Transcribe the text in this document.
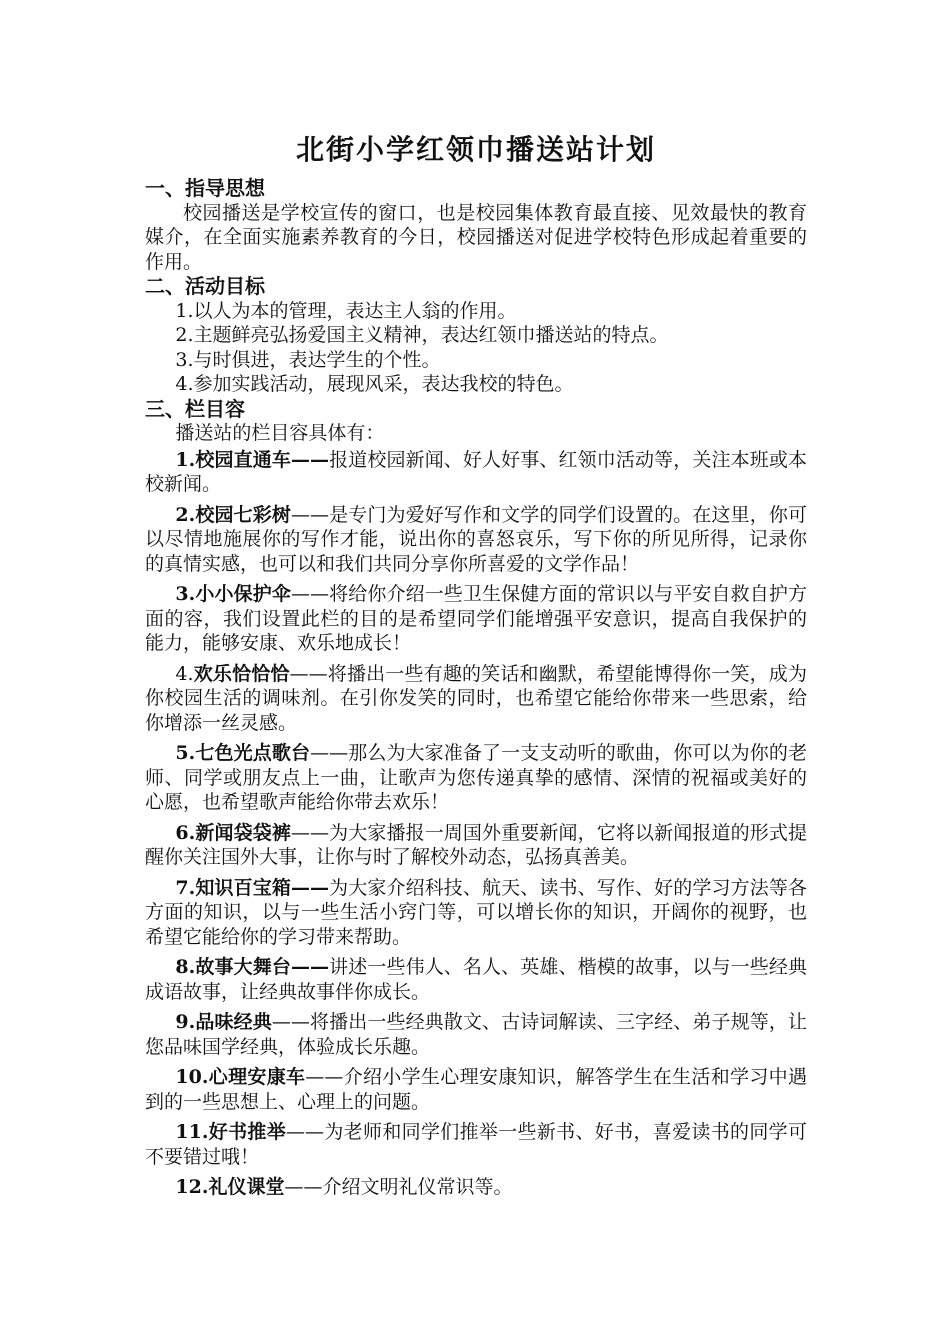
北街小学红领巾播送站计划
一、指导思想

校园播送是学校宣传的窗口，也是校园集体教育最直接、见效最快的教育媒介，在全面实施素养教育的今日，校园播送对促进学校特色形成起着重要的作用。

二、活动目标

1.以人为本的管理，表达主人翁的作用。

2.主题鲜亮弘扬爱国主义精神，表达红领巾播送站的特点。

3.与时俱进，表达学生的个性。

4.参加实践活动，展现风采，表达我校的特色。

三、栏目容

播送站的栏目容具体有：

1.校园直通车——报道校园新闻、好人好事、红领巾活动等，关注本班或本校新闻。

2.校园七彩树——是专门为爱好写作和文学的同学们设置的。在这里，你可以尽情地施展你的写作才能，说出你的喜怒哀乐，写下你的所见所得，记录你的真情实感，也可以和我们共同分享你所喜爱的文学作品！

3.小小保护伞——将给你介绍一些卫生保健方面的常识以与平安自救自护方面的容，我们设置此栏的目的是希望同学们能增强平安意识，提高自我保护的能力，能够安康、欢乐地成长！

4.欢乐恰恰恰——将播出一些有趣的笑话和幽默，希望能博得你一笑，成为你校园生活的调味剂。在引你发笑的同时，也希望它能给你带来一些思索，给你增添一丝灵感。

5.七色光点歌台——那么为大家准备了一支支动听的歌曲，你可以为你的老师、同学或朋友点上一曲，让歌声为您传递真挚的感情、深情的祝福或美好的心愿，也希望歌声能给你带去欢乐！

6.新闻袋袋裤——为大家播报一周国外重要新闻，它将以新闻报道的形式提醒你关注国外大事，让你与时了解校外动态，弘扬真善美。

7.知识百宝箱——为大家介绍科技、航天、读书、写作、好的学习方法等各方面的知识，以与一些生活小窍门等，可以增长你的知识，开阔你的视野，也希望它能给你的学习带来帮助。

8.故事大舞台——讲述一些伟人、名人、英雄、楷模的故事，以与一些经典成语故事，让经典故事伴你成长。

9.品味经典——将播出一些经典散文、古诗词解读、三字经、弟子规等，让您品味国学经典，体验成长乐趣。

10.心理安康车——介绍小学生心理安康知识，解答学生在生活和学习中遇到的一些思想上、心理上的问题。

11.好书推举——为老师和同学们推举一些新书、好书，喜爱读书的同学可不要错过哦！

12.礼仪课堂——介绍文明礼仪常识等。
